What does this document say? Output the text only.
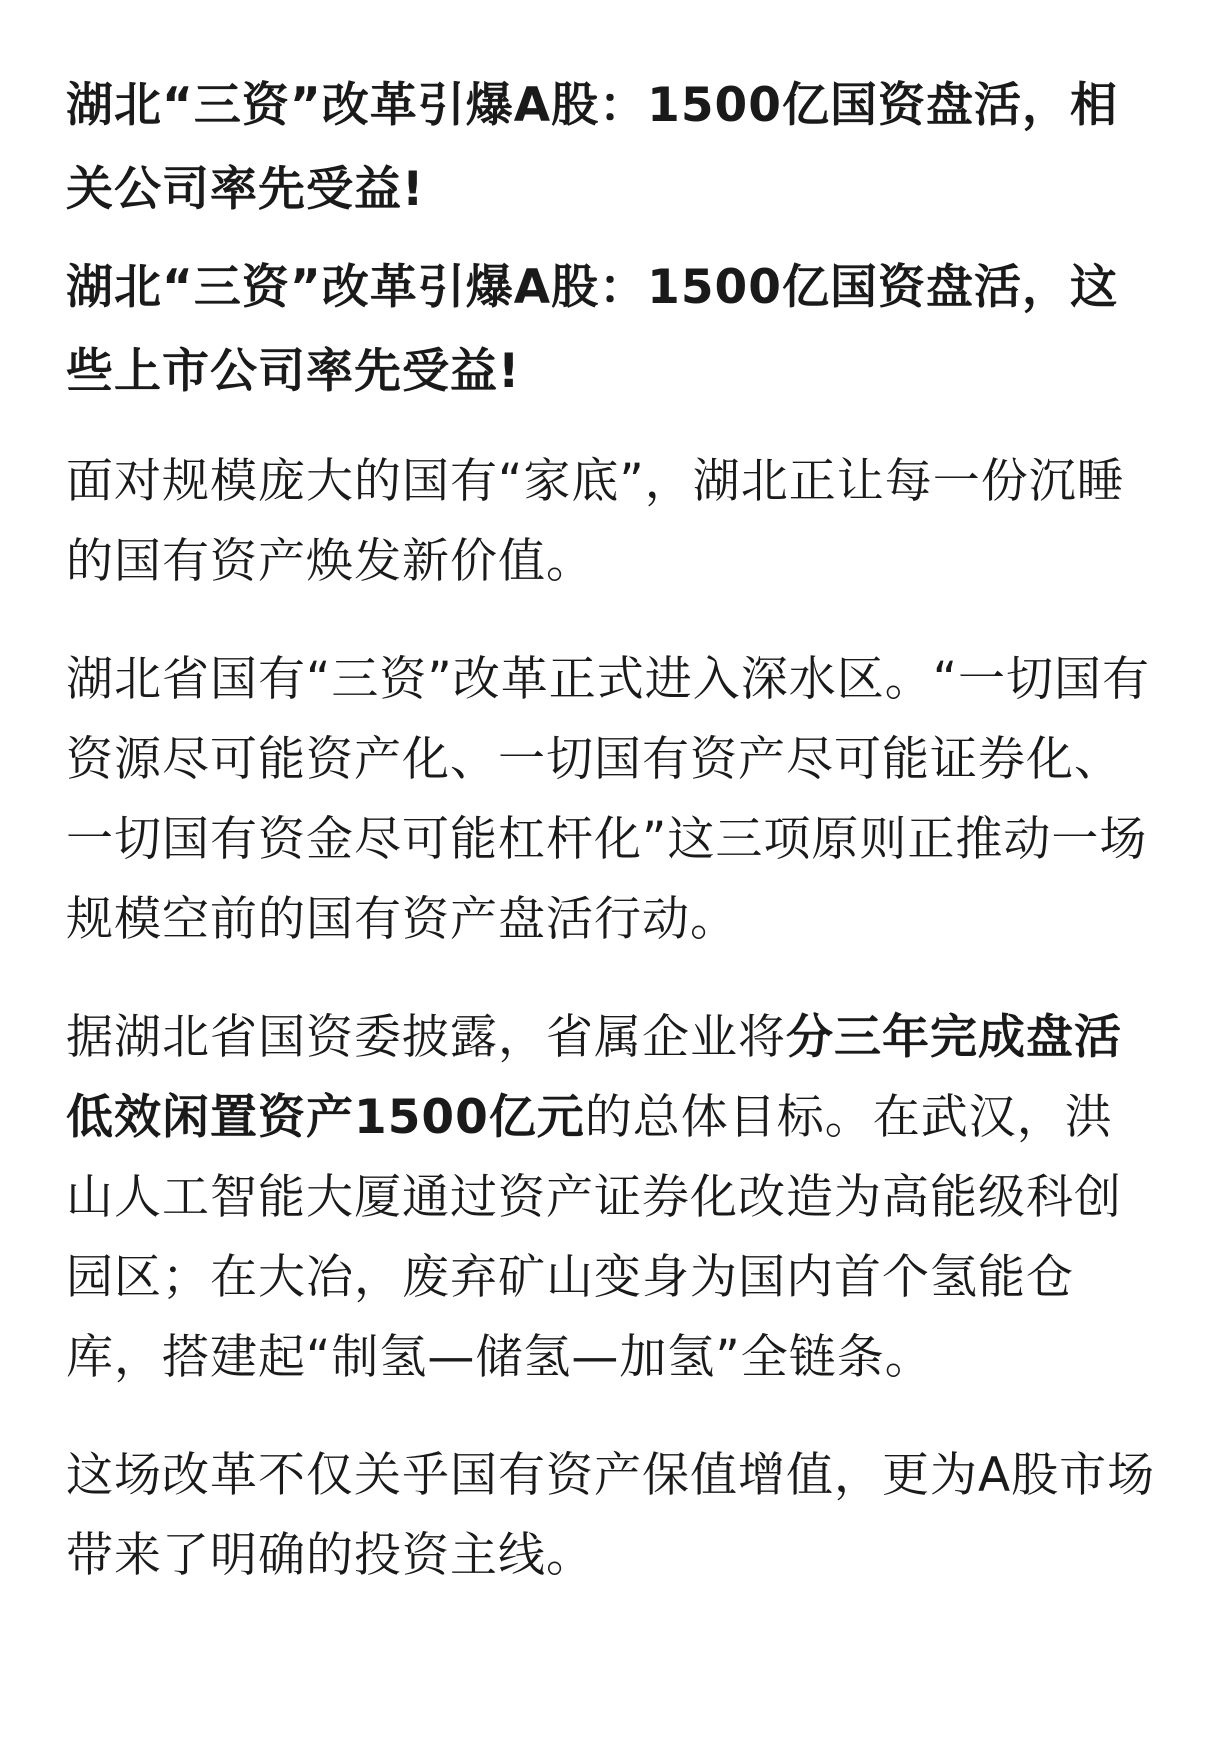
湖北“三资”改革引爆A股：1500亿国资盘活，相关公司率先受益!
湖北“三资”改革引爆A股：1500亿国资盘活，这些上市公司率先受益!
面对规模庞大的国有“家底”，湖北正让每一份沉睡的国有资产焕发新价值。
湖北省国有“三资”改革正式进入深水区。“一切国有资源尽可能资产化、一切国有资产尽可能证券化、一切国有资金尽可能杠杆化”这三项原则正推动一场规模空前的国有资产盘活行动。
据湖北省国资委披露，省属企业将分三年完成盘活低效闲置资产1500亿元的总体目标。在武汉，洪山人工智能大厦通过资产证券化改造为高能级科创园区；在大冶，废弃矿山变身为国内首个氢能仓库，搭建起“制氢—储氢—加氢”全链条。
这场改革不仅关乎国有资产保值增值，更为A股市场带来了明确的投资主线。
